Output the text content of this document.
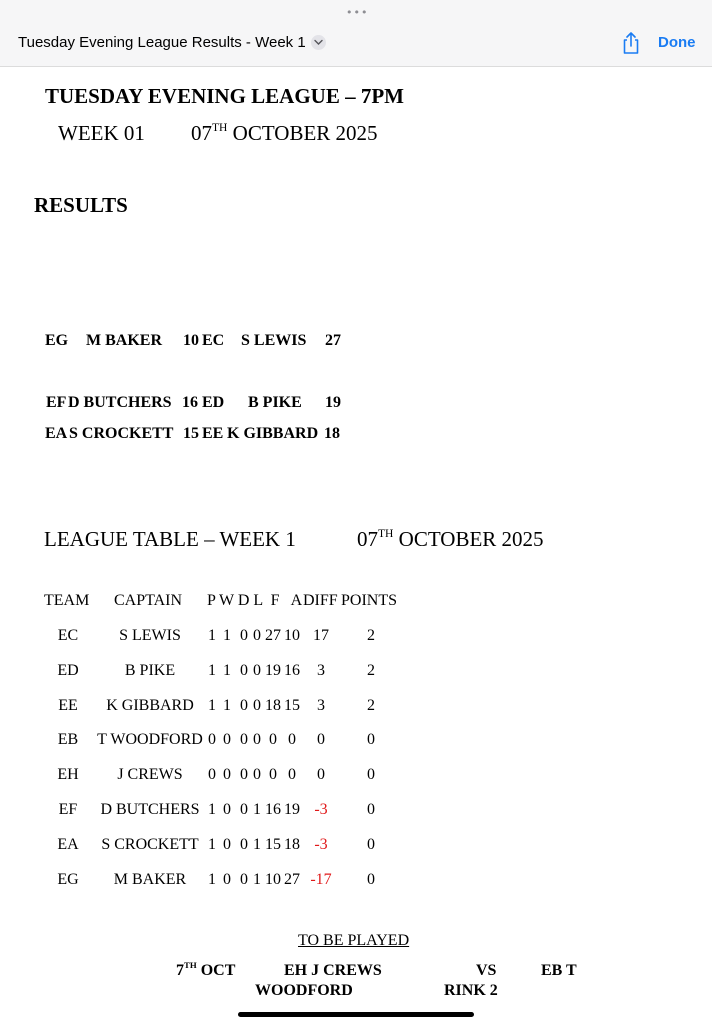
•••
Tuesday Evening League Results - Week 1	Done
TUESDAY EVENING LEAGUE – 7PM
WEEK 01 07TH OCTOBER 2025
RESULTS
EG M BAKER 10 EC S LEWIS 27
EF D BUTCHERS 16 ED B PIKE 19
EA S CROCKETT 15 EE K GIBBARD 18
LEAGUE TABLE – WEEK 1	07TH OCTOBER 2025
TEAM CAPTAIN P W D L  F   A DIFF POINTS
EC	S LEWIS	1 1 0 0 27 10 17	2
ED	B PIKE	1 1 0 0 19 16	3	2
EE	K GIBBARD 1 1 0 0 18 15	3	2
EB	T WOODFORD 0 0 0 0 0 0	0	0
EH	J CREWS	0 0 0 0 0 0	0	0
EF	D BUTCHERS 1 0 0 1 16 19 -3	0
EA	S CROCKETT 1 0 0 1 15 18 -3	0
EG	M BAKER	1 0 0 1 10 27 -17	0
TO BE PLAYED
7TH OCT	EH J CREWS	VS	EB T
WOODFORD	RINK 2
